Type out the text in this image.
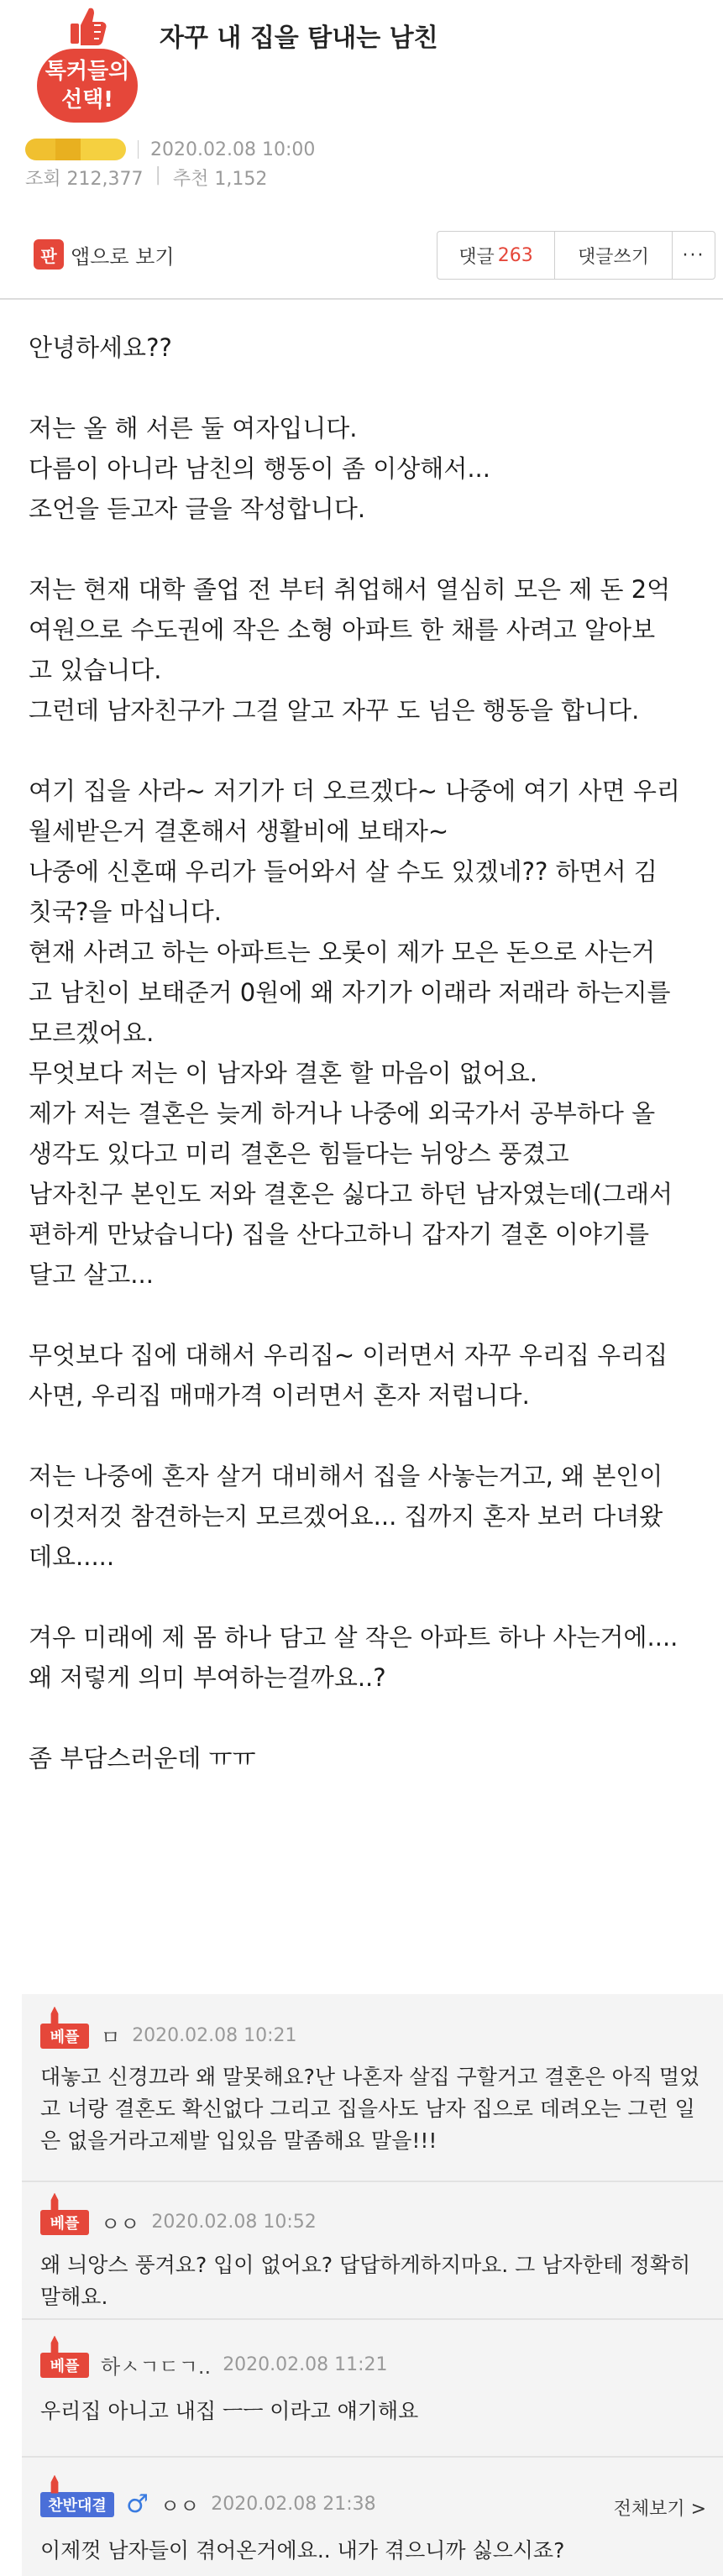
톡커들의
선택!
자꾸 내 집을 탐내는 남친
2020.02.08 10:00
조회 212,377 | 추천 1,152
판 앱으로 보기	댓글 263	댓글쓰기	···

안녕하세요??

저는 올 해 서른 둘 여자입니다.
다름이 아니라 남친의 행동이 좀 이상해서...
조언을 듣고자 글을 작성합니다.

저는 현재 대학 졸업 전 부터 취업해서 열심히 모은 제 돈 2억
여원으로 수도권에 작은 소형 아파트 한 채를 사려고 알아보
고 있습니다.
그런데 남자친구가 그걸 알고 자꾸 도 넘은 행동을 합니다.

여기 집을 사라~ 저기가 더 오르겠다~ 나중에 여기 사면 우리
월세받은거 결혼해서 생활비에 보태자~
나중에 신혼때 우리가 들어와서 살 수도 있겠네?? 하면서 김
칫국?을 마십니다.
현재 사려고 하는 아파트는 오롯이 제가 모은 돈으로 사는거
고 남친이 보태준거 0원에 왜 자기가 이래라 저래라 하는지를
모르겠어요.
무엇보다 저는 이 남자와 결혼 할 마음이 없어요.
제가 저는 결혼은 늦게 하거나 나중에 외국가서 공부하다 올
생각도 있다고 미리 결혼은 힘들다는 뉘앙스 풍겼고
남자친구 본인도 저와 결혼은 싫다고 하던 남자였는데(그래서
편하게 만났습니다) 집을 산다고하니 갑자기 결혼 이야기를
달고 살고...

무엇보다 집에 대해서 우리집~ 이러면서 자꾸 우리집 우리집
사면, 우리집 매매가격 이러면서 혼자 저럽니다.

저는 나중에 혼자 살거 대비해서 집을 사놓는거고, 왜 본인이
이것저것 참견하는지 모르겠어요... 집까지 혼자 보러 다녀왔
데요.....

겨우 미래에 제 몸 하나 담고 살 작은 아파트 하나 사는거에....
왜 저렇게 의미 부여하는걸까요..?

좀 부담스러운데 ㅠㅠ

베플	ㅁ 2020.02.08 10:21
대놓고 신경끄라 왜 말못해요?난 나혼자 살집 구할거고 결혼은 아직 멀었
고 너랑 결혼도 확신없다 그리고 집을사도 남자 집으로 데려오는 그런 일
은 없을거라고제발 입있음 말좀해요 말을!!!
베플	ㅇㅇ 2020.02.08 10:52
왜 늬앙스 풍겨요? 입이 없어요? 답답하게하지마요. 그 남자한테 정확히
말해요.
베플	하ㅅㄱㄷㄱ.. 2020.02.08 11:21
우리집 아니고 내집 ㅡㅡ 이라고 얘기해요
찬반대결 ♂ ㅇㅇ 2020.02.08 21:38	전체보기 >
이제껏 남자들이 겪어온거에요.. 내가 겪으니까 싫으시죠?
